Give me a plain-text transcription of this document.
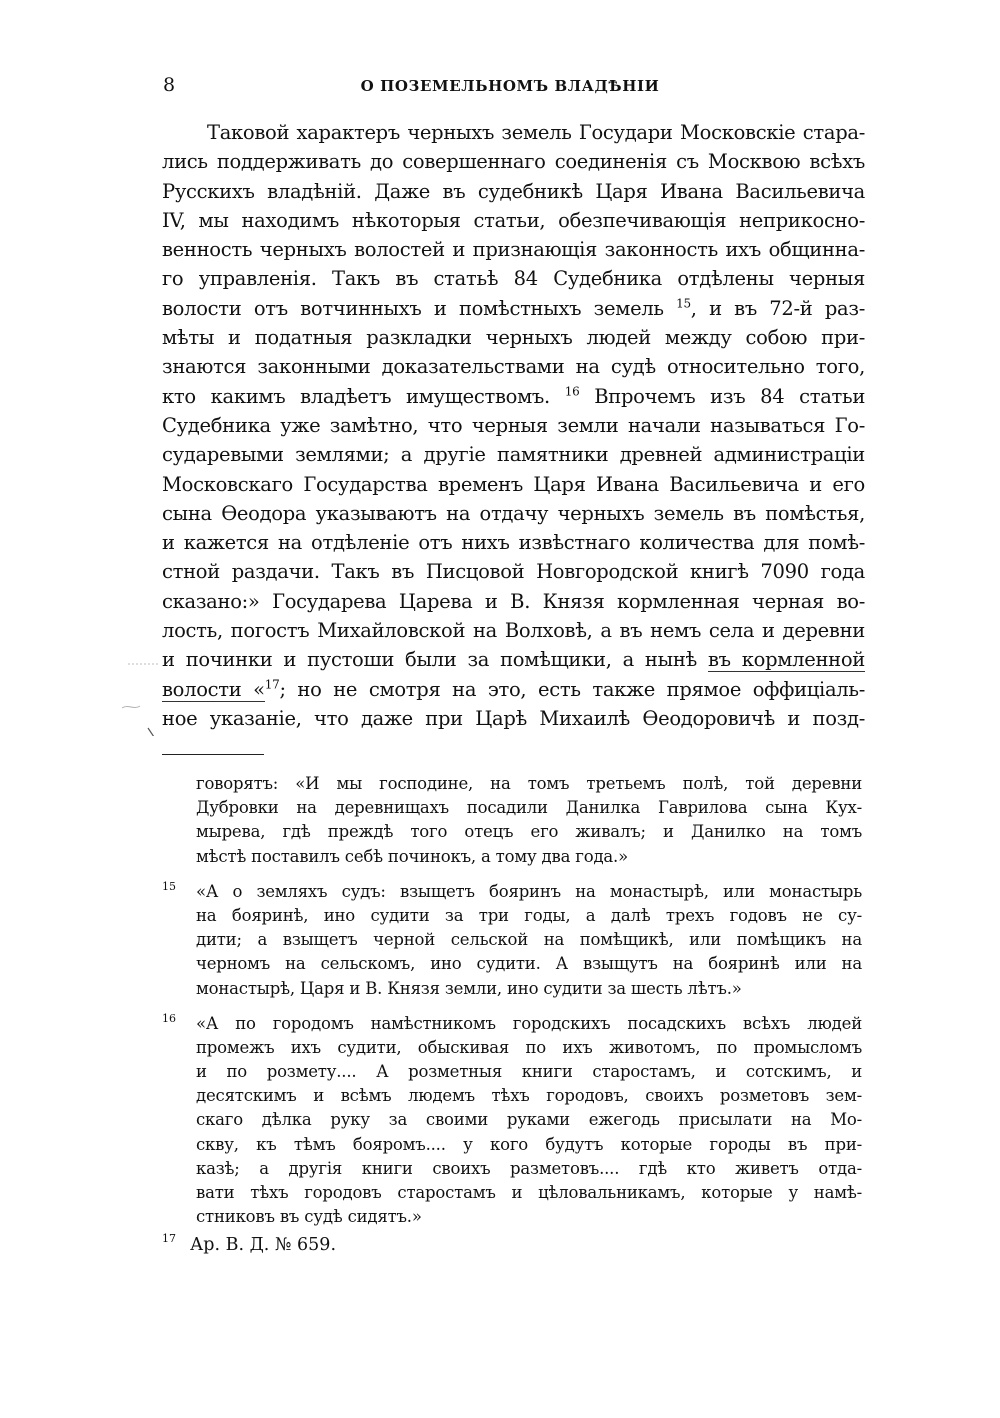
8	О ПОЗЕМЕЛЬНОМЪ ВЛАДѢНІИ
Таковой характеръ черныхъ земель Государи Московскіе стара-
лись поддерживать до совершеннаго соединенія съ Москвою всѣхъ
Русскихъ владѣній. Даже въ судебникѣ Царя Ивана Васильевича
IV, мы находимъ нѣкоторыя статьи, обезпечивающія неприкосно-
венность черныхъ волостей и признающія законность ихъ общинна-
го управленія. Такъ въ статьѣ 84 Судебника отдѣлены черныя
волости отъ вотчинныхъ и помѣстныхъ земель $^{15}$, и въ 72-й раз-
мѣты и податныя разкладки черныхъ людей между собою при-
знаются законными доказательствами на судѣ относительно того,
кто какимъ владѣетъ имуществомъ. $^{16}$ Впрочемъ изъ 84 статьи
Судебника уже замѣтно, что черныя земли начали называться Го-
сударевыми землями; а другіе памятники древней администраціи
Московскаго Государства временъ Царя Ивана Васильевича и его
сына Ѳеодора указываютъ на отдачу черныхъ земель въ помѣстья,
и кажется на отдѣленіе отъ нихъ извѣстнаго количества для помѣ-
стной раздачи. Такъ въ Писцовой Новгородской книгѣ 7090 года
сказано:» Государева Царева и В. Князя кормленная черная во-
лость, погостъ Михайловской на Волховѣ, а въ немъ села и деревни
и починки и пустоши были за помѣщики, а нынѣ въ кормленной
волости «$^{17}$; но не смотря на это, есть также прямое оффиціаль-
ное указаніе, что даже при Царѣ Михаилѣ Ѳеодоровичѣ и позд-
говорятъ: «И мы господине, на томъ третьемъ полѣ, той деревни
Дубровки на деревнищахъ посадили Данилка Гаврилова сына Кух-
мырева, гдѣ преждѣ того отецъ его живалъ; и Данилко на томъ
мѣстѣ поставилъ себѣ починокъ, а тому два года.»
15	«А о земляхъ судъ: взыщетъ бояринъ на монастырѣ, или монастырь
на бояринѣ, ино судити за три годы, а далѣ трехъ годовъ не су-
дити; а взыщетъ черной сельской на помѣщикѣ, или помѣщикъ на
черномъ на сельскомъ, ино судити. А взыщутъ на бояринѣ или на
монастырѣ, Царя и В. Князя земли, ино судити за шесть лѣтъ.»
16	«А по городомъ намѣстникомъ городскихъ посадскихъ всѣхъ людей
промежъ ихъ судити, обыскивая по ихъ животомъ, по промысломъ
и по розмету.... А розметныя книги старостамъ, и сотскимъ, и
десятскимъ и всѣмъ людемъ тѣхъ городовъ, своихъ розметовъ зем-
скаго дѣлка руку за своими руками ежегодь присылати на Мо-
скву, къ тѣмъ бояромъ.... у кого будутъ которые городы въ при-
казѣ; а другія книги своихъ разметовъ.... гдѣ кто живетъ отда-
вати тѣхъ городовъ старостамъ и цѣловальникамъ, которые у намѣ-
стниковъ въ судѣ сидятъ.»
17 Ар. В. Д. № 659.
